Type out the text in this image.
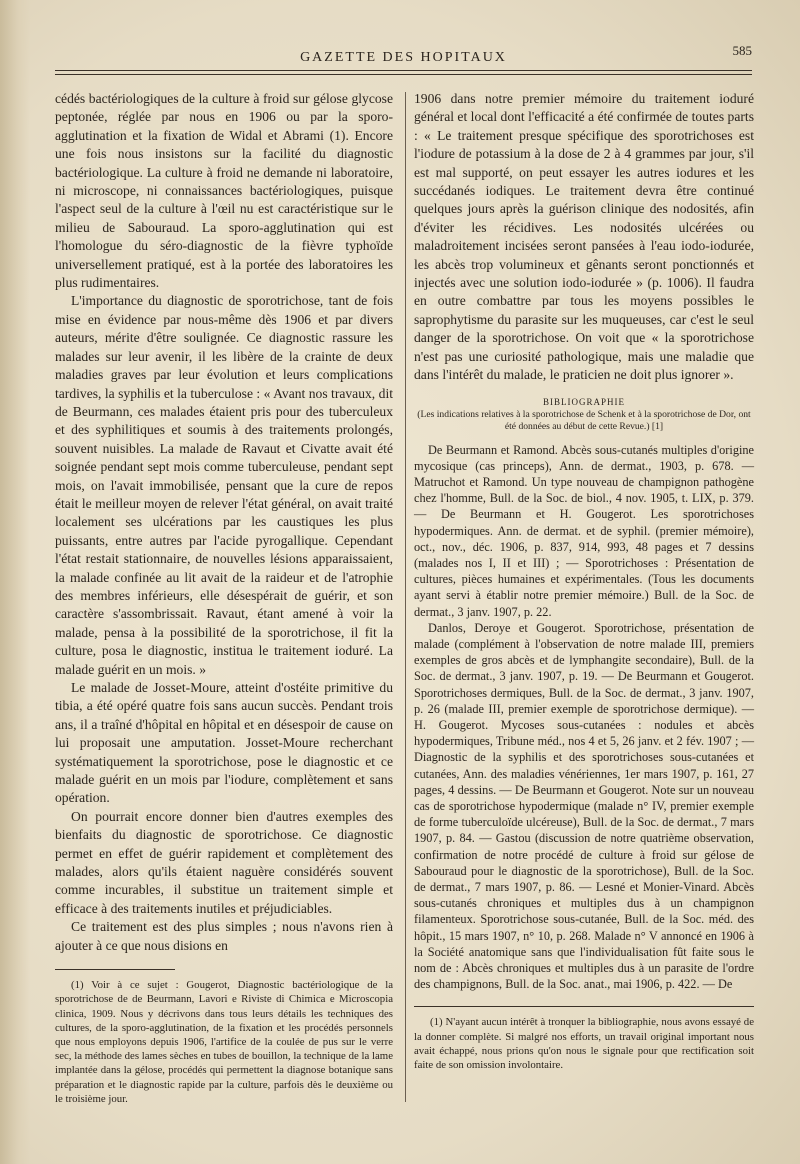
GAZETTE DES HOPITAUX	585

cédés bactériologiques de la culture à froid sur gélose glycose peptonée, réglée par nous en 1906 ou par la sporo-agglutination et la fixation de Widal et Abrami (1). Encore une fois nous insistons sur la facilité du diagnostic bactériologique. La culture à froid ne demande ni laboratoire, ni microscope, ni connaissances bactériologiques, puisque l'aspect seul de la culture à l'œil nu est caractéristique sur le milieu de Sabouraud. La sporo-agglutination qui est l'homologue du séro-diagnostic de la fièvre typhoïde universellement pratiqué, est à la portée des laboratoires les plus rudimentaires.

L'importance du diagnostic de sporotrichose, tant de fois mise en évidence par nous-même dès 1906 et par divers auteurs, mérite d'être soulignée. Ce diagnostic rassure les malades sur leur avenir, il les libère de la crainte de deux maladies graves par leur évolution et leurs complications tardives, la syphilis et la tuberculose : « Avant nos travaux, dit de Beurmann, ces malades étaient pris pour des tuberculeux et des syphilitiques et soumis à des traitements prolongés, souvent nuisibles. La malade de Ravaut et Civatte avait été soignée pendant sept mois comme tuberculeuse, pendant sept mois, on l'avait immobilisée, pensant que la cure de repos était le meilleur moyen de relever l'état général, on avait traité localement ses ulcérations par les caustiques les plus puissants, entre autres par l'acide pyrogallique. Cependant l'état restait stationnaire, de nouvelles lésions apparaissaient, la malade confinée au lit avait de la raideur et de l'atrophie des membres inférieurs, elle désespérait de guérir, et son caractère s'assombrissait. Ravaut, étant amené à voir la malade, pensa à la possibilité de la sporotrichose, il fit la culture, posa le diagnostic, institua le traitement ioduré. La malade guérit en un mois. »

Le malade de Josset-Moure, atteint d'ostéite primitive du tibia, a été opéré quatre fois sans aucun succès. Pendant trois ans, il a traîné d'hôpital en hôpital et en désespoir de cause on lui proposait une amputation. Josset-Moure recherchant systématiquement la sporotrichose, pose le diagnostic et ce malade guérit en un mois par l'iodure, complètement et sans opération.

On pourrait encore donner bien d'autres exemples des bienfaits du diagnostic de sporotrichose. Ce diagnostic permet en effet de guérir rapidement et complètement des malades, alors qu'ils étaient naguère considérés souvent comme incurables, il substitue un traitement simple et efficace à des traitements inutiles et préjudiciables.

Ce traitement est des plus simples ; nous n'avons rien à ajouter à ce que nous disions en

(1) Voir à ce sujet : Gougerot, Diagnostic bactériologique de la sporotrichose de de Beurmann, Lavori e Riviste di Chimica e Microscopia clinica, 1909. Nous y décrivons dans tous leurs détails les techniques des cultures, de la sporo-agglutination, de la fixation et les procédés personnels que nous employons depuis 1906, l'artifice de la coulée de pus sur le verre sec, la méthode des lames sèches en tubes de bouillon, la technique de la lame implantée dans la gélose, procédés qui permettent la diagnose botanique sans préparation et le diagnostic rapide par la culture, parfois dès le deuxième ou le troisième jour.

1906 dans notre premier mémoire du traitement ioduré général et local dont l'efficacité a été confirmée de toutes parts : « Le traitement presque spécifique des sporotrichoses est l'iodure de potassium à la dose de 2 à 4 grammes par jour, s'il est mal supporté, on peut essayer les autres iodures et les succédanés iodiques. Le traitement devra être continué quelques jours après la guérison clinique des nodosités, afin d'éviter les récidives. Les nodosités ulcérées ou maladroitement incisées seront pansées à l'eau iodo-iodurée, les abcès trop volumineux et gênants seront ponctionnés et injectés avec une solution iodo-iodurée » (p. 1006). Il faudra en outre combattre par tous les moyens possibles le saprophytisme du parasite sur les muqueuses, car c'est le seul danger de la sporotrichose. On voit que « la sporotrichose n'est pas une curiosité pathologique, mais une maladie que dans l'intérêt du malade, le praticien ne doit plus ignorer ».

BIBLIOGRAPHIE
(Les indications relatives à la sporotrichose de Schenk et à la sporotrichose de Dor, ont été données au début de cette Revue.) [1]

De Beurmann et Ramond. Abcès sous-cutanés multiples d'origine mycosique (cas princeps), Ann. de dermat., 1903, p. 678. — Matruchot et Ramond. Un type nouveau de champignon pathogène chez l'homme, Bull. de la Soc. de biol., 4 nov. 1905, t. LIX, p. 379. — De Beurmann et H. Gougerot. Les sporotrichoses hypodermiques. Ann. de dermat. et de syphil. (premier mémoire), oct., nov., déc. 1906, p. 837, 914, 993, 48 pages et 7 dessins (malades nos I, II et III) ; — Sporotrichoses : Présentation de cultures, pièces humaines et expérimentales. (Tous les documents ayant servi à établir notre premier mémoire.) Bull. de la Soc. de dermat., 3 janv. 1907, p. 22.

Danlos, Deroye et Gougerot. Sporotrichose, présentation de malade (complément à l'observation de notre malade III, premiers exemples de gros abcès et de lymphangite secondaire), Bull. de la Soc. de dermat., 3 janv. 1907, p. 19. — De Beurmann et Gougerot. Sporotrichoses dermiques, Bull. de la Soc. de dermat., 3 janv. 1907, p. 26 (malade III, premier exemple de sporotrichose dermique). — H. Gougerot. Mycoses sous-cutanées : nodules et abcès hypodermiques, Tribune méd., nos 4 et 5, 26 janv. et 2 fév. 1907 ; — Diagnostic de la syphilis et des sporotrichoses sous-cutanées et cutanées, Ann. des maladies vénériennes, 1er mars 1907, p. 161, 27 pages, 4 dessins. — De Beurmann et Gougerot. Note sur un nouveau cas de sporotrichose hypodermique (malade n° IV, premier exemple de forme tuberculoïde ulcéreuse), Bull. de la Soc. de dermat., 7 mars 1907, p. 84. — Gastou (discussion de notre quatrième observation, confirmation de notre procédé de culture à froid sur gélose de Sabouraud pour le diagnostic de la sporotrichose), Bull. de la Soc. de dermat., 7 mars 1907, p. 86. — Lesné et Monier-Vinard. Abcès sous-cutanés chroniques et multiples dus à un champignon filamenteux. Sporotrichose sous-cutanée, Bull. de la Soc. méd. des hôpit., 15 mars 1907, n° 10, p. 268. Malade n° V annoncé en 1906 à la Société anatomique sans que l'individualisation fût faite sous le nom de : Abcès chroniques et multiples dus à un parasite de l'ordre des champignons, Bull. de la Soc. anat., mai 1906, p. 422. — De

(1) N'ayant aucun intérêt à tronquer la bibliographie, nous avons essayé de la donner complète. Si malgré nos efforts, un travail original important nous avait échappé, nous prions qu'on nous le signale pour que rectification soit faite de son omission involontaire.
